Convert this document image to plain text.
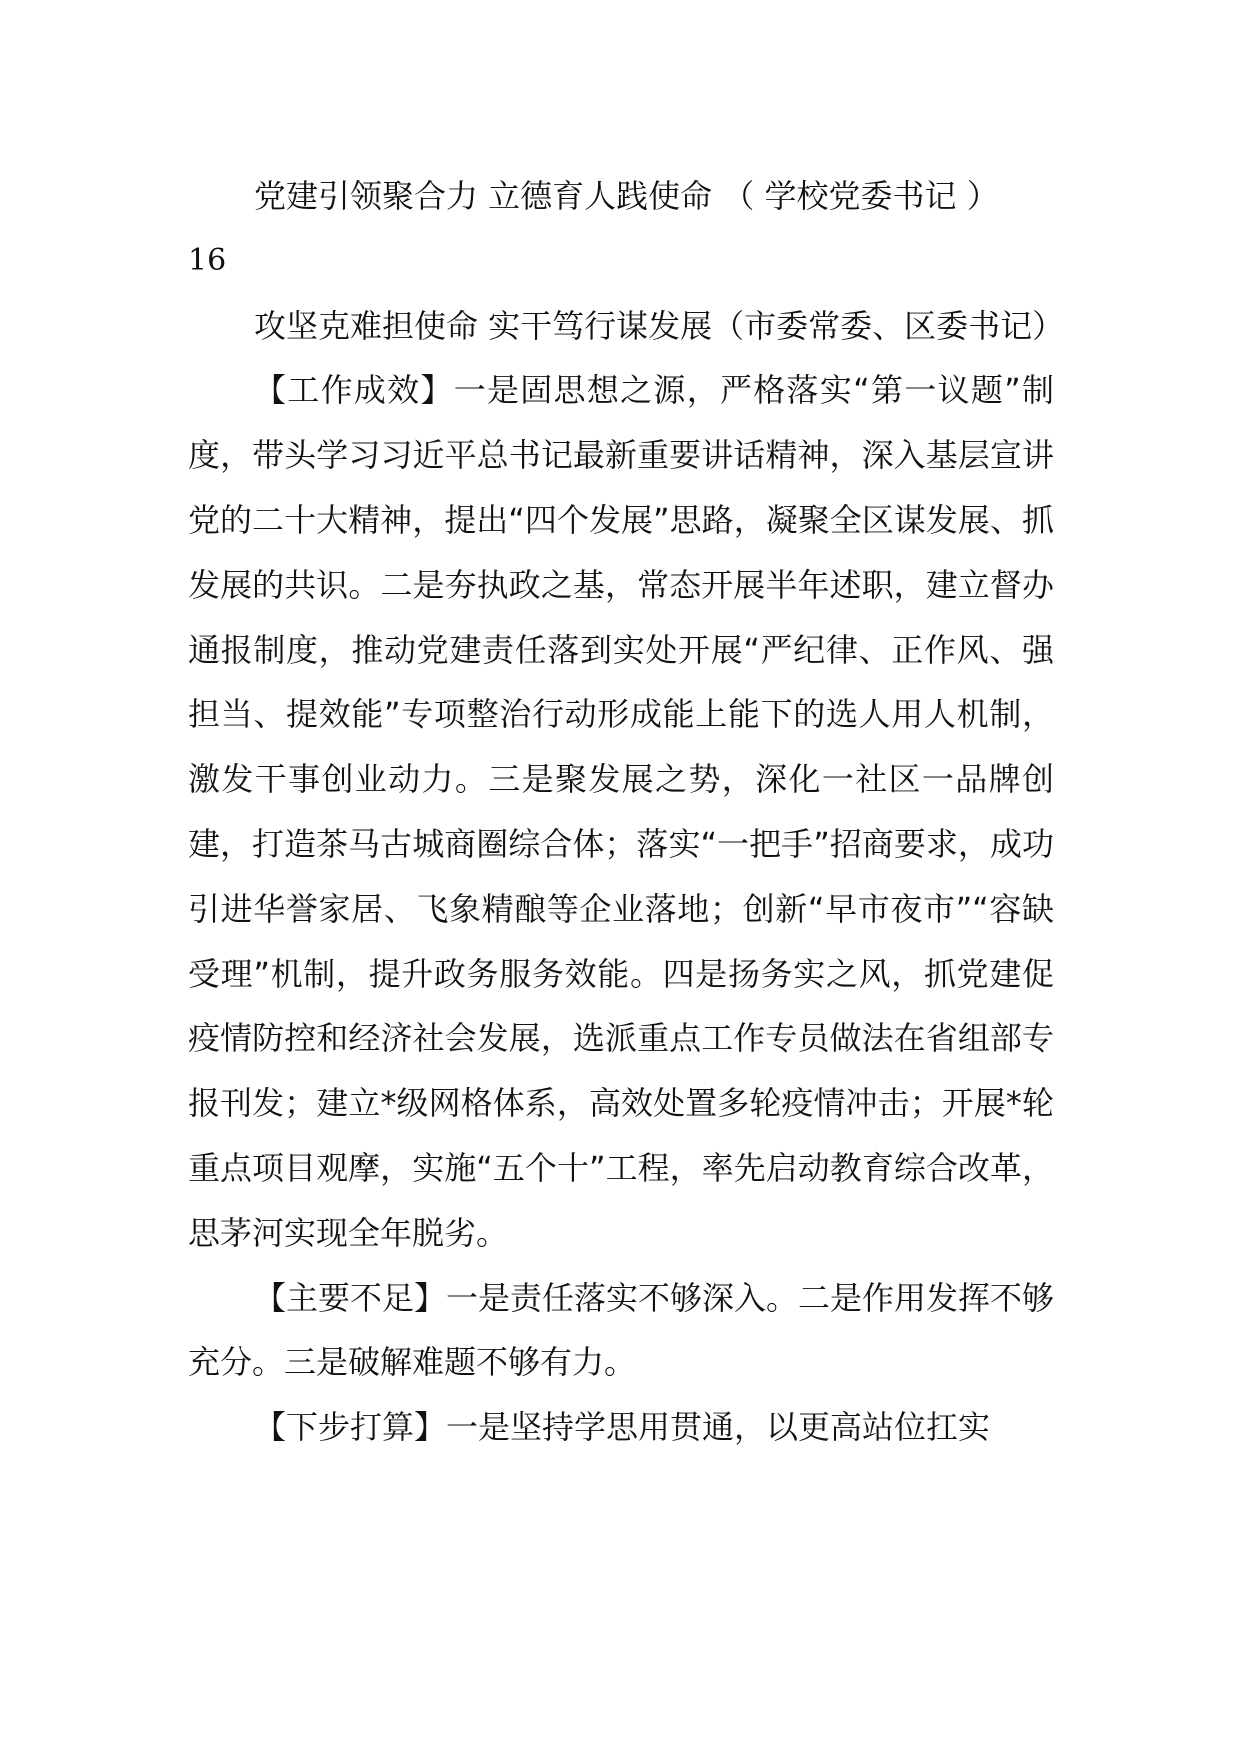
党建引领聚合力 立德育人践使命 （ 学校党委书记 ）

16

攻坚克难担使命 实干笃行谋发展（市委常委、区委书记）

【工作成效】一是固思想之源，严格落实“第一议题”制度，带头学习习近平总书记最新重要讲话精神，深入基层宣讲党的二十大精神，提出“四个发展”思路，凝聚全区谋发展、抓发展的共识。二是夯执政之基，常态开展半年述职，建立督办通报制度，推动党建责任落到实处开展“严纪律、正作风、强担当、提效能”专项整治行动形成能上能下的选人用人机制，激发干事创业动力。三是聚发展之势，深化一社区一品牌创建，打造茶马古城商圈综合体；落实“一把手”招商要求，成功引进华誉家居、飞象精酿等企业落地；创新“早市夜市”“容缺受理”机制，提升政务服务效能。四是扬务实之风，抓党建促疫情防控和经济社会发展，选派重点工作专员做法在省组部专报刊发；建立*级网格体系，高效处置多轮疫情冲击；开展*轮重点项目观摩，实施“五个十”工程，率先启动教育综合改革，思茅河实现全年脱劣。

【主要不足】一是责任落实不够深入。二是作用发挥不够充分。三是破解难题不够有力。

【下步打算】一是坚持学思用贯通，以更高站位扛实
